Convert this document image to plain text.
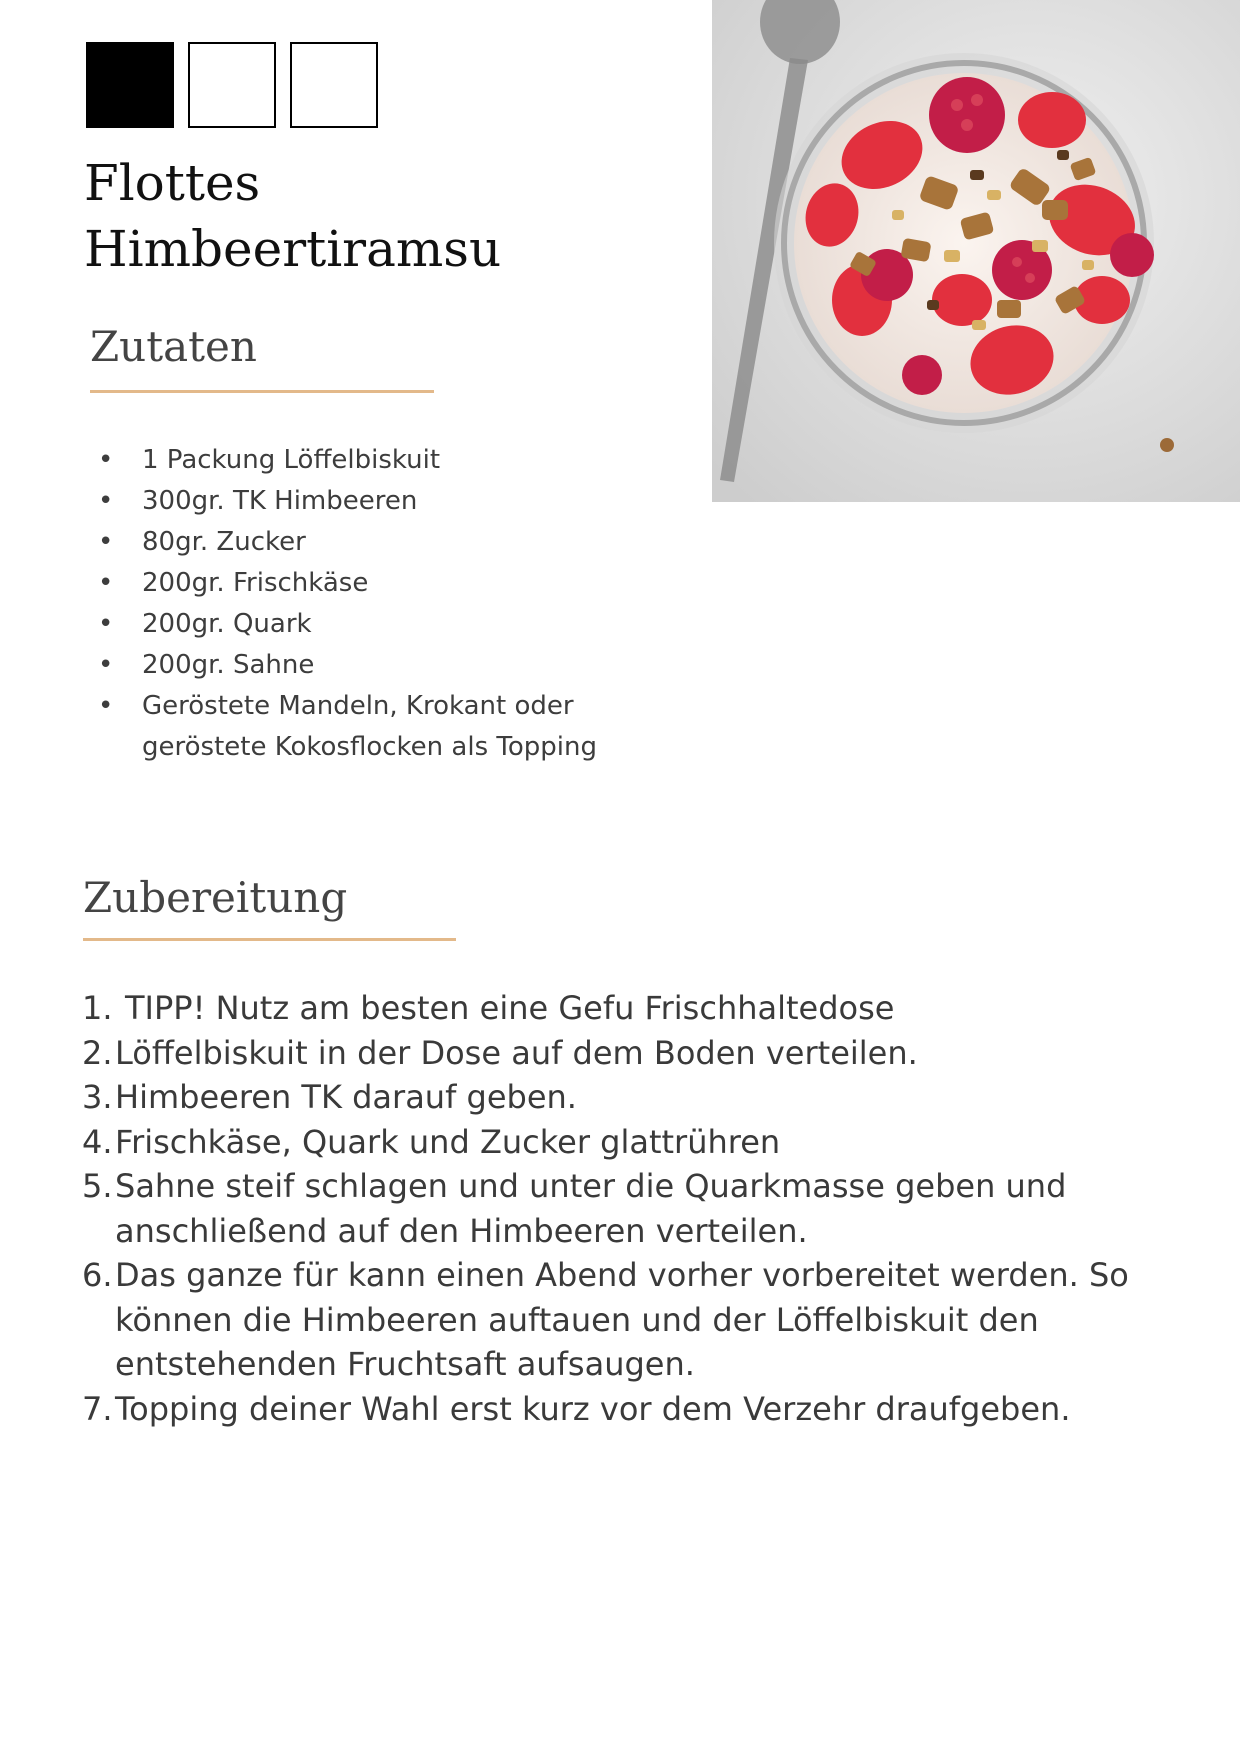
Flottes
Himbeertiramsu
Zutaten
• 1 Packung Löffelbiskuit
• 300gr. TK Himbeeren
• 80gr. Zucker
• 200gr. Frischkäse
• 200gr. Quark
• 200gr. Sahne
• Geröstete Mandeln, Krokant oder geröstete Kokosflocken als Topping
Zubereitung
1. TIPP! Nutz am besten eine Gefu Frischhaltedose
2. Löffelbiskuit in der Dose auf dem Boden verteilen.
3. Himbeeren TK darauf geben.
4. Frischkäse, Quark und Zucker glattrühren
5. Sahne steif schlagen und unter die Quarkmasse geben und anschließend auf den Himbeeren verteilen.
6. Das ganze für kann einen Abend vorher vorbereitet werden. So können die Himbeeren auftauen und der Löffelbiskuit den entstehenden Fruchtsaft aufsaugen.
7. Topping deiner Wahl erst kurz vor dem Verzehr draufgeben.
